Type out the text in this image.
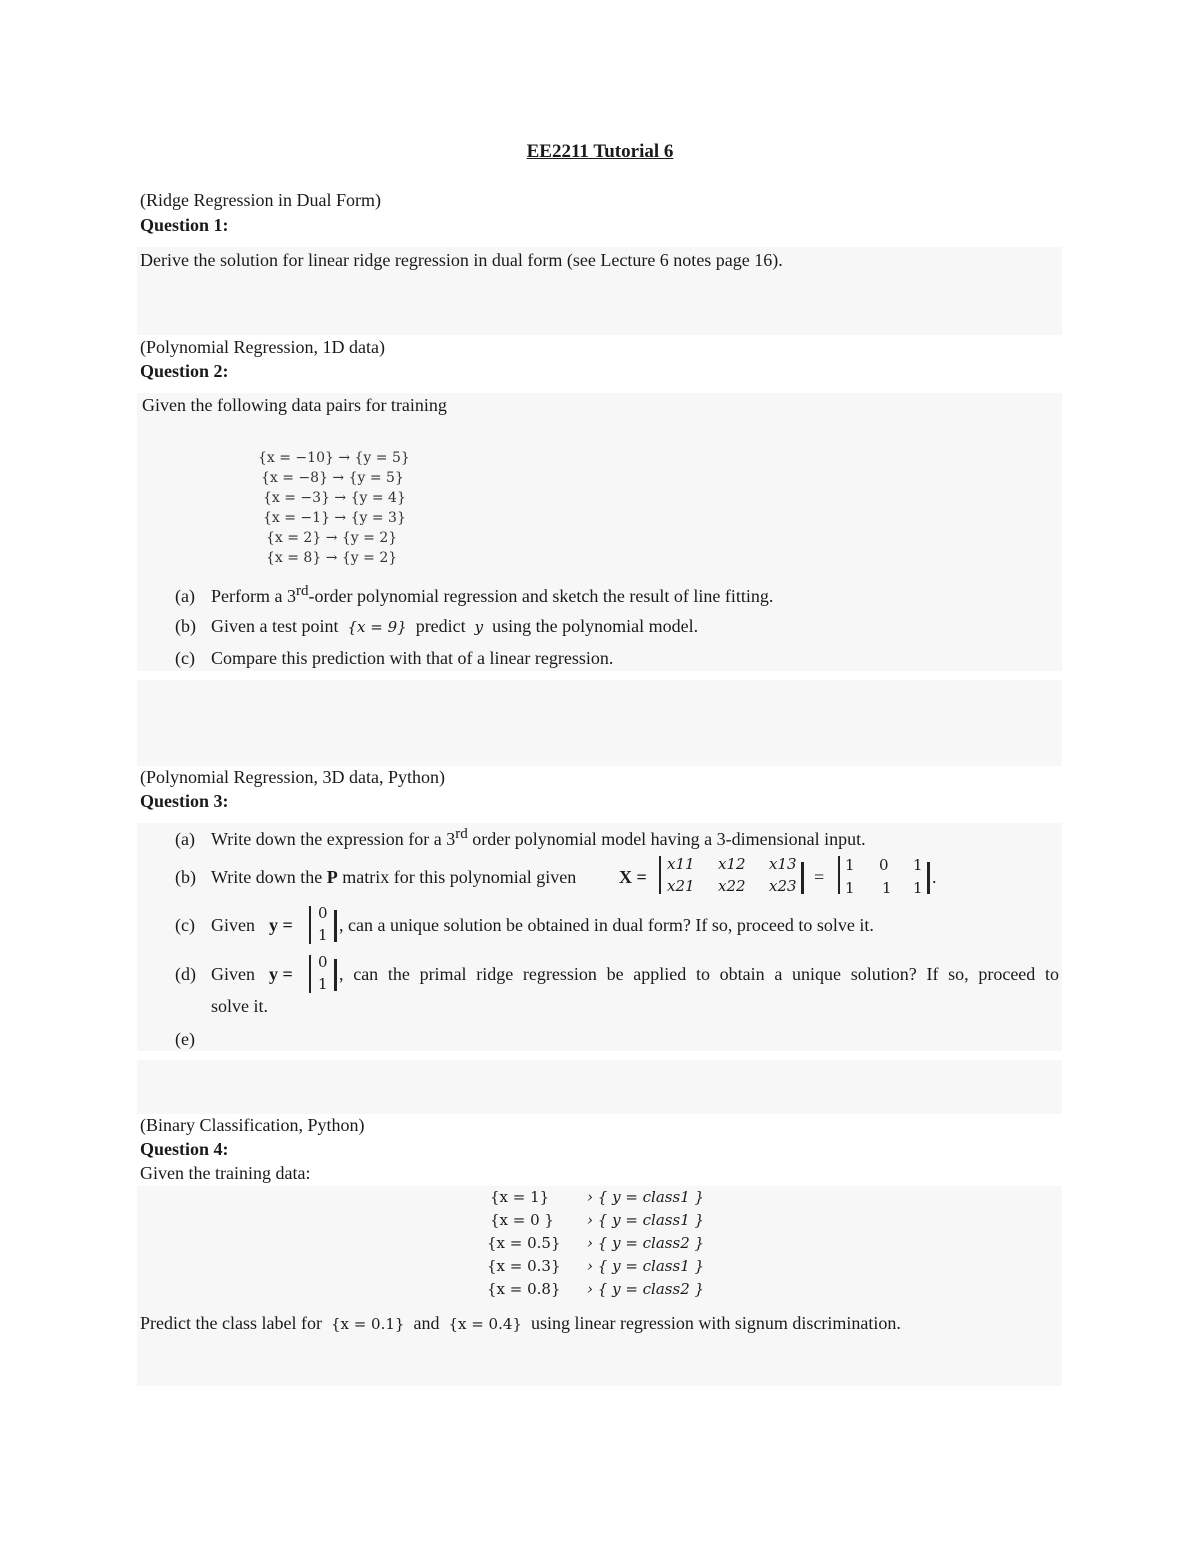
EE2211 Tutorial 6
(Ridge Regression in Dual Form)
Question 1:
Derive the solution for linear ridge regression in dual form (see Lecture 6 notes page 16).
(Polynomial Regression, 1D data)
Question 2:
Given the following data pairs for training
{x = −10} → {y = 5}
{x = −8} → {y = 5}
{x = −3} → {y = 4}
{x = −1} → {y = 3}
{x = 2} → {y = 2}
{x = 8} → {y = 2}
(a) Perform a 3rd-order polynomial regression and sketch the result of line fitting.
(b) Given a test point {x = 9} predict y using the polynomial model.
(c) Compare this prediction with that of a linear regression.
(Polynomial Regression, 3D data, Python)
Question 3:
(a) Write down the expression for a 3rd order polynomial model having a 3-dimensional input.
(b) Write down the P matrix for this polynomial given X =
x11 x12 x13
x21 x22 x23 =
1 0 1
1 1 1
.
(c) Given y =
0
1 , can a unique solution be obtained in dual form? If so, proceed to solve it.
(d) Given y =
0
1 , can the primal ridge regression be applied to obtain a unique solution? If so, proceed to
solve it.
(e)
(Binary Classification, Python)
Question 4:
Given the training data:
{x = 1}	› { y = class1 }
{x = 0 } › { y = class1 }
{x = 0.5} › { y = class2 }
{x = 0.3} › { y = class1 }
{x = 0.8} › { y = class2 }
Predict the class label for {x = 0.1} and {x = 0.4} using linear regression with signum discrimination.
